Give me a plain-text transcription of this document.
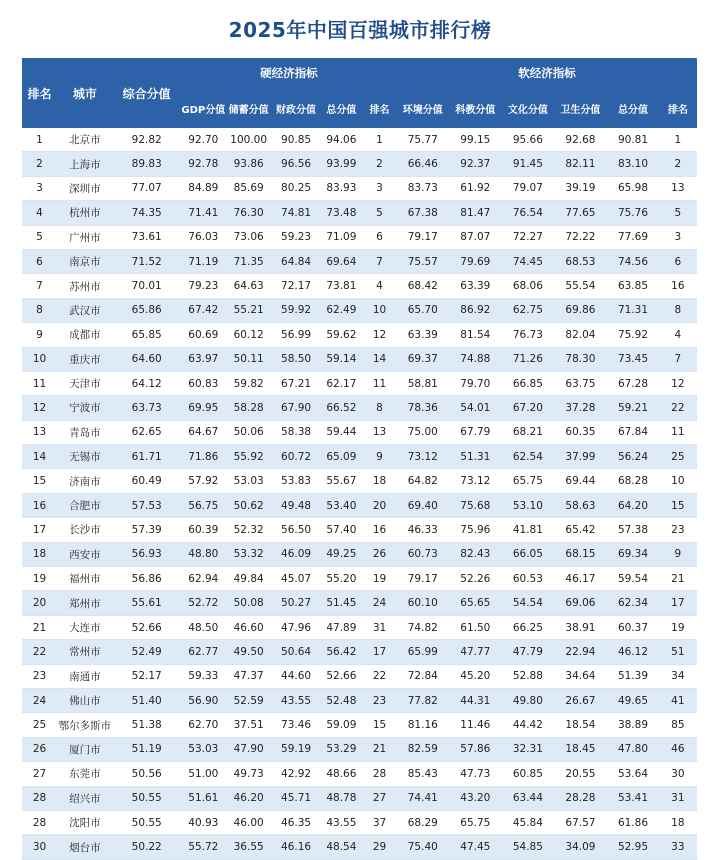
2025年中国百强城市排行榜
排名	城市	综合分值	硬经济指标					软经济指标					
			GDP分值	储蓄分值	财政分值	总分值	排名	环境分值	科教分值	文化分值	卫生分值	总分值	排名
1	北京市	92.82	92.70	100.00	90.85	94.06	1	75.77	99.15	95.66	92.68	90.81	1
2	上海市	89.83	92.78	93.86	96.56	93.99	2	66.46	92.37	91.45	82.11	83.10	2
3	深圳市	77.07	84.89	85.69	80.25	83.93	3	83.73	61.92	79.07	39.19	65.98	13
4	杭州市	74.35	71.41	76.30	74.81	73.48	5	67.38	81.47	76.54	77.65	75.76	5
5	广州市	73.61	76.03	73.06	59.23	71.09	6	79.17	87.07	72.27	72.22	77.69	3
6	南京市	71.52	71.19	71.35	64.84	69.64	7	75.57	79.69	74.45	68.53	74.56	6
7	苏州市	70.01	79.23	64.63	72.17	73.81	4	68.42	63.39	68.06	55.54	63.85	16
8	武汉市	65.86	67.42	55.21	59.92	62.49	10	65.70	86.92	62.75	69.86	71.31	8
9	成都市	65.85	60.69	60.12	56.99	59.62	12	63.39	81.54	76.73	82.04	75.92	4
10	重庆市	64.60	63.97	50.11	58.50	59.14	14	69.37	74.88	71.26	78.30	73.45	7
11	天津市	64.12	60.83	59.82	67.21	62.17	11	58.81	79.70	66.85	63.75	67.28	12
12	宁波市	63.73	69.95	58.28	67.90	66.52	8	78.36	54.01	67.20	37.28	59.21	22
13	青岛市	62.65	64.67	50.06	58.38	59.44	13	75.00	67.79	68.21	60.35	67.84	11
14	无锡市	61.71	71.86	55.92	60.72	65.09	9	73.12	51.31	62.54	37.99	56.24	25
15	济南市	60.49	57.92	53.03	53.83	55.67	18	64.82	73.12	65.75	69.44	68.28	10
16	合肥市	57.53	56.75	50.62	49.48	53.40	20	69.40	75.68	53.10	58.63	64.20	15
17	长沙市	57.39	60.39	52.32	56.50	57.40	16	46.33	75.96	41.81	65.42	57.38	23
18	西安市	56.93	48.80	53.32	46.09	49.25	26	60.73	82.43	66.05	68.15	69.34	9
19	福州市	56.86	62.94	49.84	45.07	55.20	19	79.17	52.26	60.53	46.17	59.54	21
20	郑州市	55.61	52.72	50.08	50.27	51.45	24	60.10	65.65	54.54	69.06	62.34	17
21	大连市	52.66	48.50	46.60	47.96	47.89	31	74.82	61.50	66.25	38.91	60.37	19
22	常州市	52.49	62.77	49.50	50.64	56.42	17	65.99	47.77	47.79	22.94	46.12	51
23	南通市	52.17	59.33	47.37	44.60	52.66	22	72.84	45.20	52.88	34.64	51.39	34
24	佛山市	51.40	56.90	52.59	43.55	52.48	23	77.82	44.31	49.80	26.67	49.65	41
25	鄂尔多斯市	51.38	62.70	37.51	73.46	59.09	15	81.16	11.46	44.42	18.54	38.89	85
26	厦门市	51.19	53.03	47.90	59.19	53.29	21	82.59	57.86	32.31	18.45	47.80	46
27	东莞市	50.56	51.00	49.73	42.92	48.66	28	85.43	47.73	60.85	20.55	53.64	30
28	绍兴市	50.55	51.61	46.20	45.71	48.78	27	74.41	43.20	63.44	28.28	53.41	31
28	沈阳市	50.55	40.93	46.00	46.35	43.55	37	68.29	65.75	45.84	67.57	61.86	18
30	烟台市	50.22	55.72	36.55	46.16	48.54	29	75.40	47.45	54.85	34.09	52.95	33
